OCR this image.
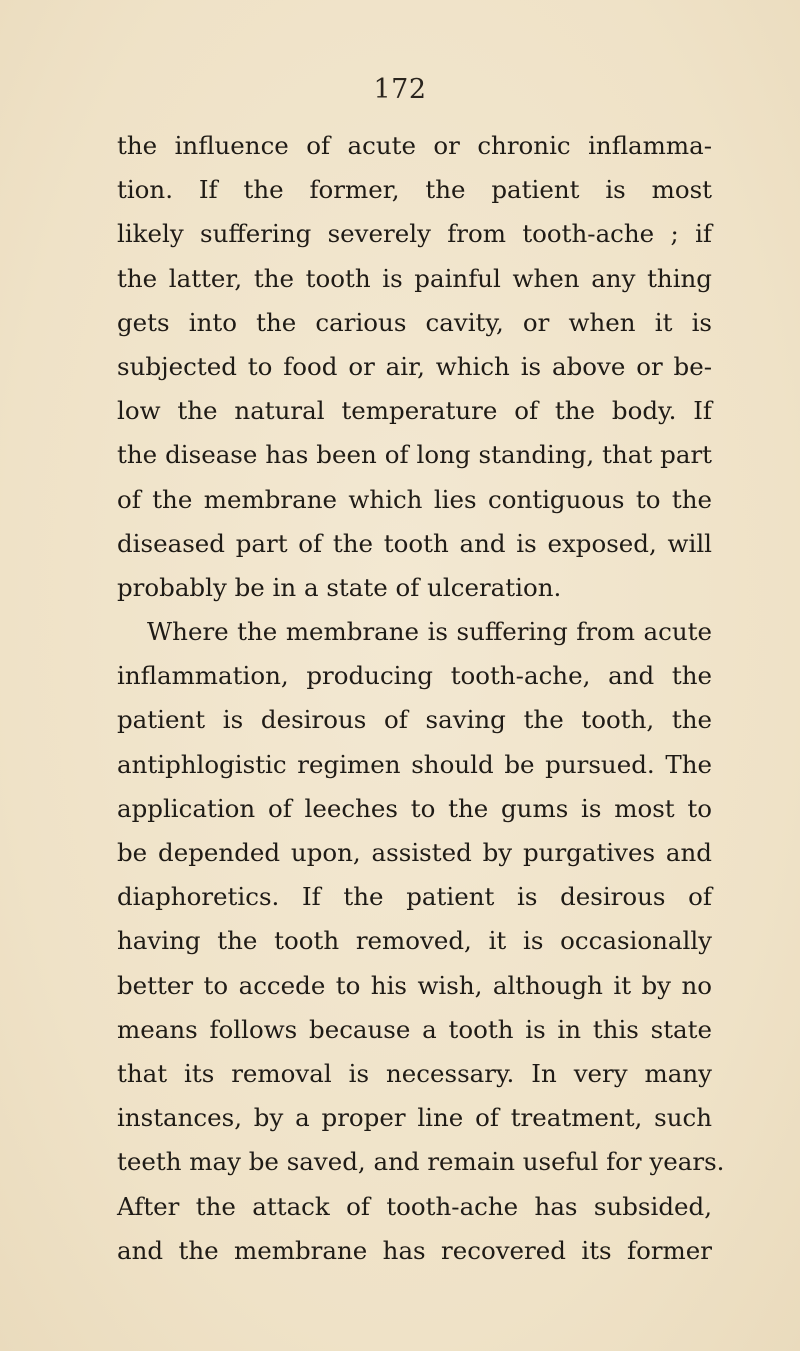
172
the influence of acute or chronic inflamma-
tion. If the former, the patient is most
likely suffering severely from tooth-ache ; if
the latter, the tooth is painful when any thing
gets into the carious cavity, or when it is
subjected to food or air, which is above or be-
low the natural temperature of the body. If
the disease has been of long standing, that part
of the membrane which lies contiguous to the
diseased part of the tooth and is exposed, will
probably be in a state of ulceration.
Where the membrane is suffering from acute
inflammation, producing tooth-ache, and the
patient is desirous of saving the tooth, the
antiphlogistic regimen should be pursued. The
application of leeches to the gums is most to
be depended upon, assisted by purgatives and
diaphoretics. If the patient is desirous of
having the tooth removed, it is occasionally
better to accede to his wish, although it by no
means follows because a tooth is in this state
that its removal is necessary. In very many
instances, by a proper line of treatment, such
teeth may be saved, and remain useful for years.
After the attack of tooth-ache has subsided,
and the membrane has recovered its former
